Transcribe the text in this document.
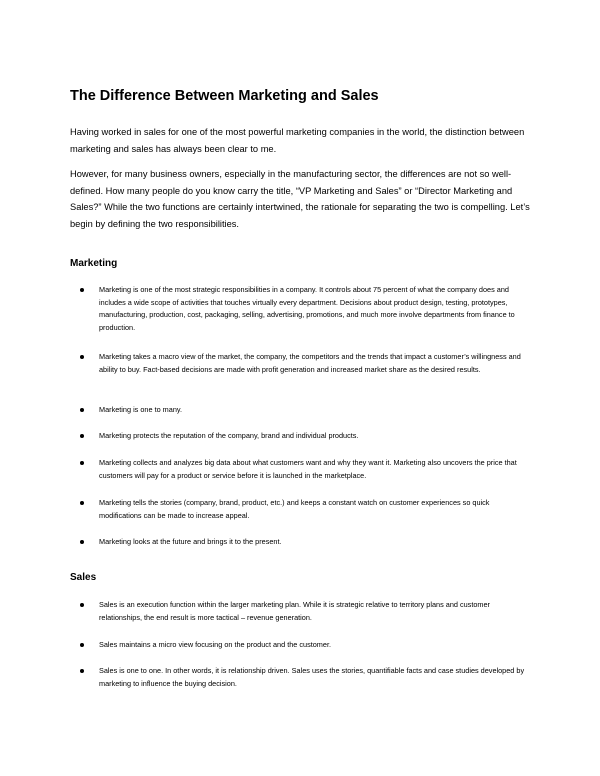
The Difference Between Marketing and Sales

Having worked in sales for one of the most powerful marketing companies in the world, the distinction between marketing and sales has always been clear to me.

However, for many business owners, especially in the manufacturing sector, the differences are not so well-defined. How many people do you know carry the title, “VP Marketing and Sales” or “Director Marketing and Sales?” While the two functions are certainly intertwined, the rationale for separating the two is compelling. Let’s begin by defining the two responsibilities.

Marketing
Marketing is one of the most strategic responsibilities in a company. It controls about 75 percent of what the company does and includes a wide scope of activities that touches virtually every department. Decisions about product design, testing, prototypes, manufacturing, production, cost, packaging, selling, advertising, promotions, and much more involve departments from finance to production.
Marketing takes a macro view of the market, the company, the competitors and the trends that impact a customer’s willingness and ability to buy. Fact-based decisions are made with profit generation and increased market share as the desired results.
Marketing is one to many.
Marketing protects the reputation of the company, brand and individual products.
Marketing collects and analyzes big data about what customers want and why they want it. Marketing also uncovers the price that customers will pay for a product or service before it is launched in the marketplace.
Marketing tells the stories (company, brand, product, etc.) and keeps a constant watch on customer experiences so quick modifications can be made to increase appeal.
Marketing looks at the future and brings it to the present.
Sales
Sales is an execution function within the larger marketing plan. While it is strategic relative to territory plans and customer relationships, the end result is more tactical – revenue generation.
Sales maintains a micro view focusing on the product and the customer.
Sales is one to one. In other words, it is relationship driven. Sales uses the stories, quantifiable facts and case studies developed by marketing to influence the buying decision.
